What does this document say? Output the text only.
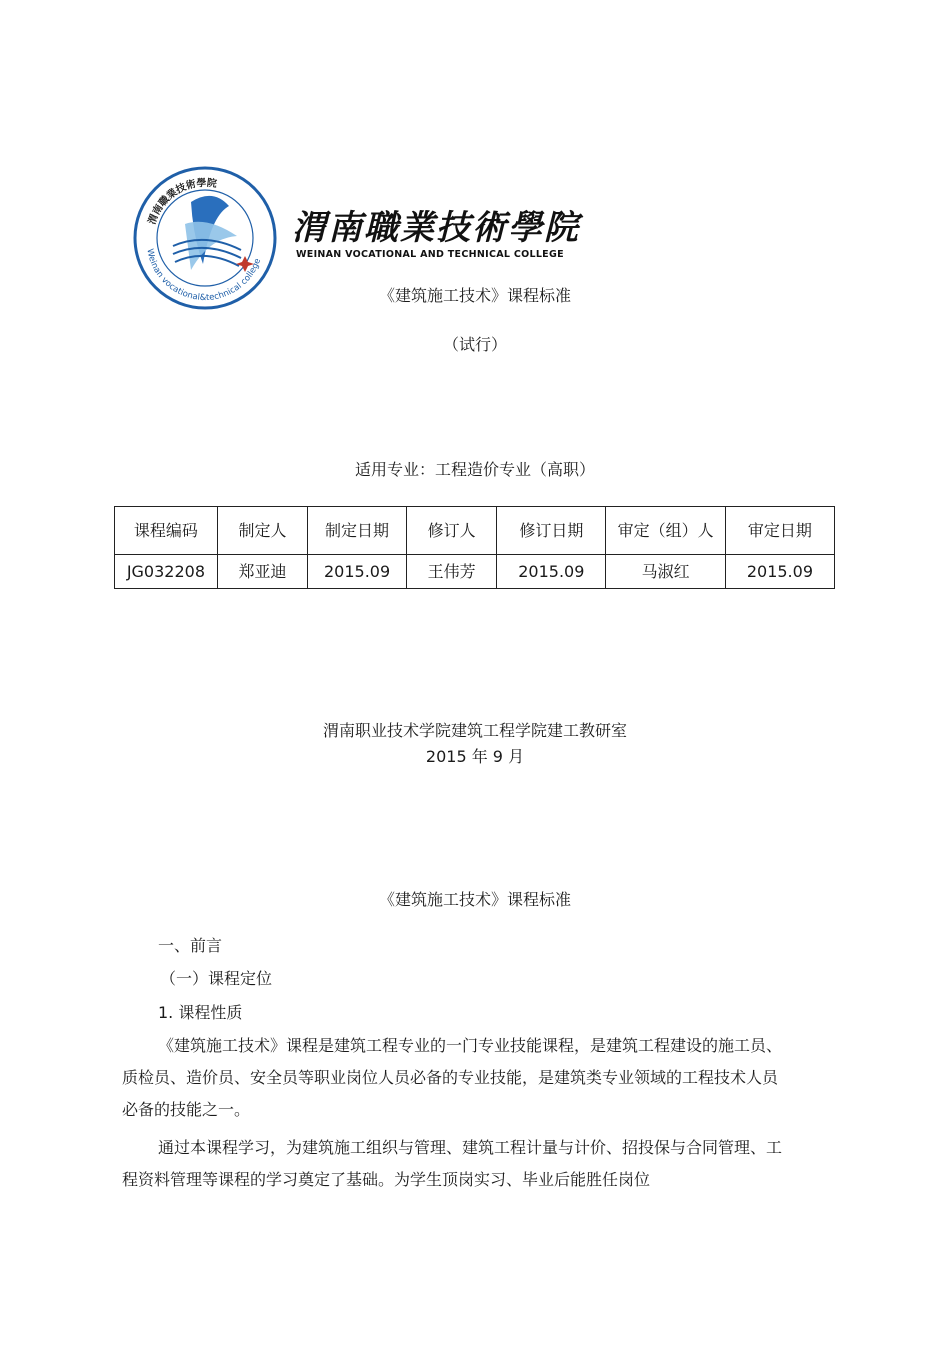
渭南職業技術學院
Weinan vocational&technical college
渭南職業技術學院
WEINAN VOCATIONAL AND TECHNICAL COLLEGE
《建筑施工技术》课程标准
（试行）
适用专业：工程造价专业（高职）
课程编码	制定人	制定日期	修订人	修订日期	审定（组）人	审定日期
JG032208	郑亚迪	2015.09	王伟芳	2015.09	马淑红	2015.09
渭南职业技术学院建筑工程学院建工教研室
2015 年 9 月
《建筑施工技术》课程标准
一、前言
（一）课程定位
1. 课程性质
《建筑施工技术》课程是建筑工程专业的一门专业技能课程，是建筑工程建设的施工员、质检员、造价员、安全员等职业岗位人员必备的专业技能，是建筑类专业领域的工程技术人员必备的技能之一。
通过本课程学习，为建筑施工组织与管理、建筑工程计量与计价、招投保与合同管理、工程资料管理等课程的学习奠定了基础。为学生顶岗实习、毕业后能胜任岗位
